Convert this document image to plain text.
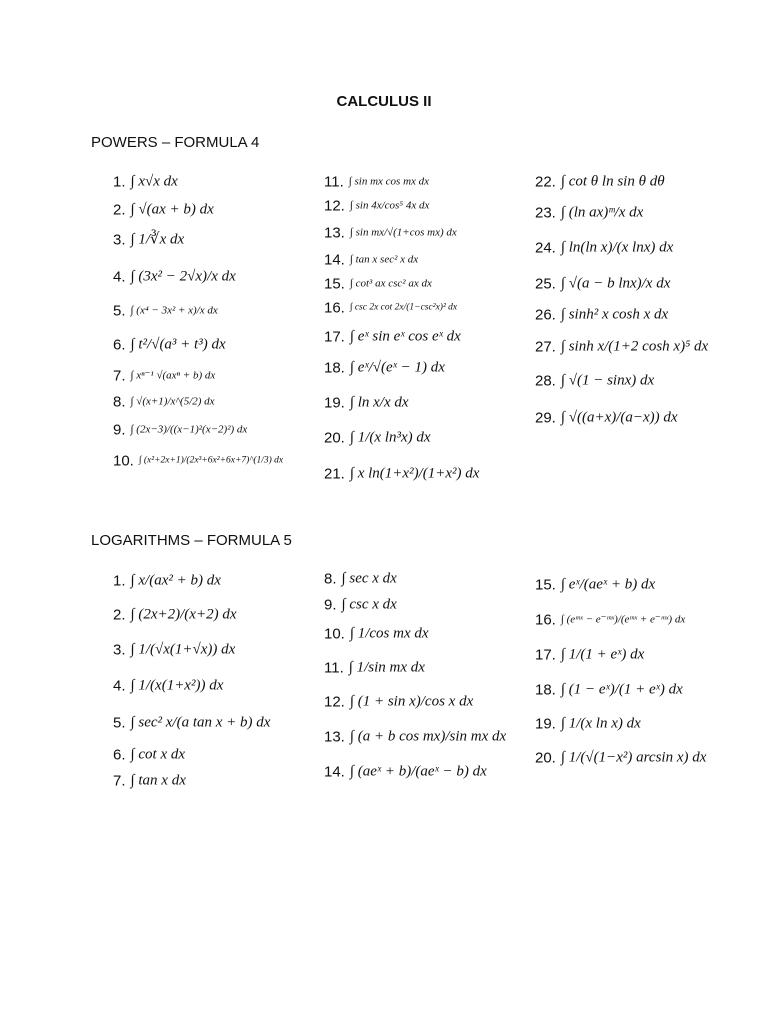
CALCULUS II
POWERS – FORMULA 4
1. ∫ x√x dx
2. ∫ √(ax + b) dx
3. ∫ 1/∛x dx
4. ∫ (3x² − 2√x)/x dx
5. ∫ (x⁴ − 3x² + x)/x dx
6. ∫ t²/√(a³ + t³) dx
7. ∫ xⁿ⁻¹ √(axⁿ + b) dx
8. ∫ √(x+1)/x^(5/2) dx
9. ∫ (2x−3)/((x−1)²(x−2)²) dx
10. ∫ (x²+2x+1)/(2x³+6x²+6x+7)^(1/3) dx
11. ∫ sin mx cos mx dx
12. ∫ sin 4x/cos⁵ 4x dx
13. ∫ sin mx/√(1+cos mx) dx
14. ∫ tan x sec² x dx
15. ∫ cot³ ax csc² ax dx
16. ∫ csc 2x cot 2x/(1−csc²x)² dx
17. ∫ eˣ sin eˣ cos eˣ dx
18. ∫ eˣ/√(eˣ − 1) dx
19. ∫ ln x/x dx
20. ∫ 1/(x ln³x) dx
21. ∫ x ln(1+x²)/(1+x²) dx
22. ∫ cot θ ln sin θ dθ
23. ∫ (ln ax)ᵐ/x dx
24. ∫ ln(ln x)/(x lnx) dx
25. ∫ √(a − b lnx)/x dx
26. ∫ sinh² x cosh x dx
27. ∫ sinh x/(1+2 cosh x)⁵ dx
28. ∫ √(1 − sinx) dx
29. ∫ √((a+x)/(a−x)) dx
LOGARITHMS – FORMULA 5
1. ∫ x/(ax² + b) dx
2. ∫ (2x+2)/(x+2) dx
3. ∫ 1/(√x(1+√x)) dx
4. ∫ 1/(x(1+x²)) dx
5. ∫ sec² x/(a tan x + b) dx
6. ∫ cot x dx
7. ∫ tan x dx
8. ∫ sec x dx
9. ∫ csc x dx
10. ∫ 1/cos mx dx
11. ∫ 1/sin mx dx
12. ∫ (1 + sin x)/cos x dx
13. ∫ (a + b cos mx)/sin mx dx
14. ∫ (aeˣ + b)/(aeˣ − b) dx
15. ∫ eˣ/(aeˣ + b) dx
16. ∫ (eᵐˣ − e⁻ᵐˣ)/(eᵐˣ + e⁻ᵐˣ) dx
17. ∫ 1/(1 + eˣ) dx
18. ∫ (1 − eˣ)/(1 + eˣ) dx
19. ∫ 1/(x ln x) dx
20. ∫ 1/(√(1−x²) arcsin x) dx
